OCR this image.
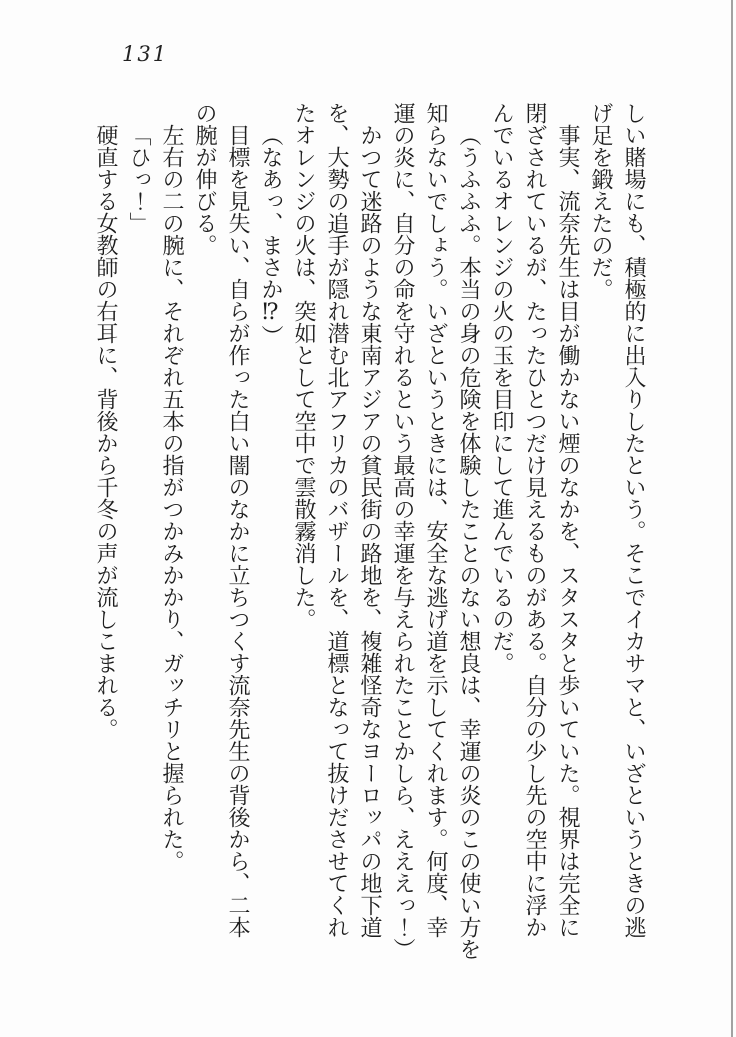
131
しい賭場にも、積極的に出入りしたという。そこでイカサマと、いざというときの逃
げ足を鍛えたのだ。
事実、流奈先生は目が働かない煙のなかを、スタスタと歩いていた。視界は完全に
閉ざされているが、たったひとつだけ見えるものがある。自分の少し先の空中に浮か
んでいるオレンジの火の玉を目印にして進んでいるのだ。
（うふふふ。本当の身の危険を体験したことのない想良は、幸運の炎のこの使い方を
知らないでしょう。いざというときには、安全な逃げ道を示してくれます。何度、幸
運の炎に、自分の命を守れるという最高の幸運を与えられたことかしら、えええっ！）
かつて迷路のような東南アジアの貧民街の路地を、複雑怪奇なヨーロッパの地下道
を、大勢の追手が隠れ潜む北アフリカのバザールを、道標となって抜けださせてくれ
たオレンジの火は、突如として空中で雲散霧消した。
（なあっ、まさか⁉）
目標を見失い、自らが作った白い闇のなかに立ちつくす流奈先生の背後から、二本
の腕が伸びる。
左右の二の腕に、それぞれ五本の指がつかみかかり、ガッチリと握られた。
「ひっ！」
硬直する女教師の右耳に、背後から千冬の声が流しこまれる。
